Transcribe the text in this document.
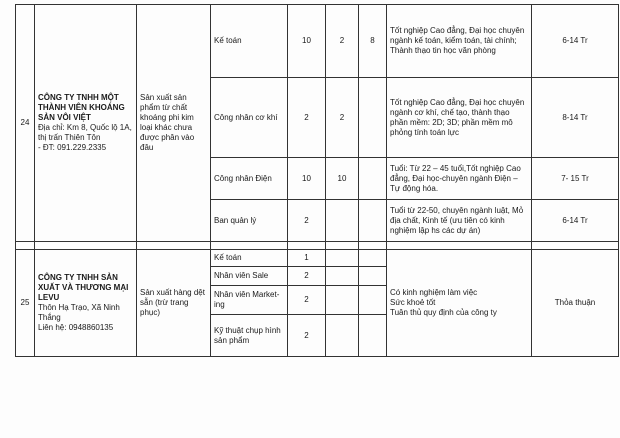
24	CÔNG TY TNHH MỘT THÀNH VIÊN KHOÁNG SẢN VÔI VIỆT
Địa chỉ: Km 8, Quốc lộ 1A, thị trấn Thiên Tôn
- ĐT: 091.229.2335	Sản xuất sản phẩm từ chất khoáng phi kim loại khác chưa được phân vào đâu	Kế toán	10	2	8	Tốt nghiệp Cao đẳng, Đại học chuyên ngành kế toán, kiểm toán, tài chính; Thành thạo tin học văn phòng	6-14 Tr
			Công nhân cơ khí	2	2		Tốt nghiệp Cao đẳng, Đại học chuyên ngành cơ khí, chế tạo, thành thạo phần mềm: 2D; 3D; phần mềm mô phỏng tính toán lực	8-14 Tr
			Công nhân Điện	10	10		Tuổi: Từ 22 – 45 tuổi,Tốt nghiệp Cao đẳng, Đại học-chuyên ngành Điện – Tự động hóa.	7- 15 Tr
			Ban quản lý	2			Tuổi từ 22-50, chuyên ngành luật, Mỏ địa chất, Kinh tế (ưu tiên có kinh nghiệm lập hs các dự án)	6-14 Tr

25	CÔNG TY TNHH SẢN XUẤT VÀ THƯƠNG MẠI LEVU
Thôn Hạ Trạo, Xã Ninh Thắng
Liên hệ: 0948860135	Sản xuất hàng dệt sẵn (trừ trang phục)	Kế toán	1			Có kinh nghiệm làm việc
Sức khoẻ tốt
Tuân thủ quy định của công ty	Thỏa thuận
			Nhân viên Sale	2				
			Nhân viên Market-ing	2				
			Kỹ thuật chụp hình sản phẩm	2				
